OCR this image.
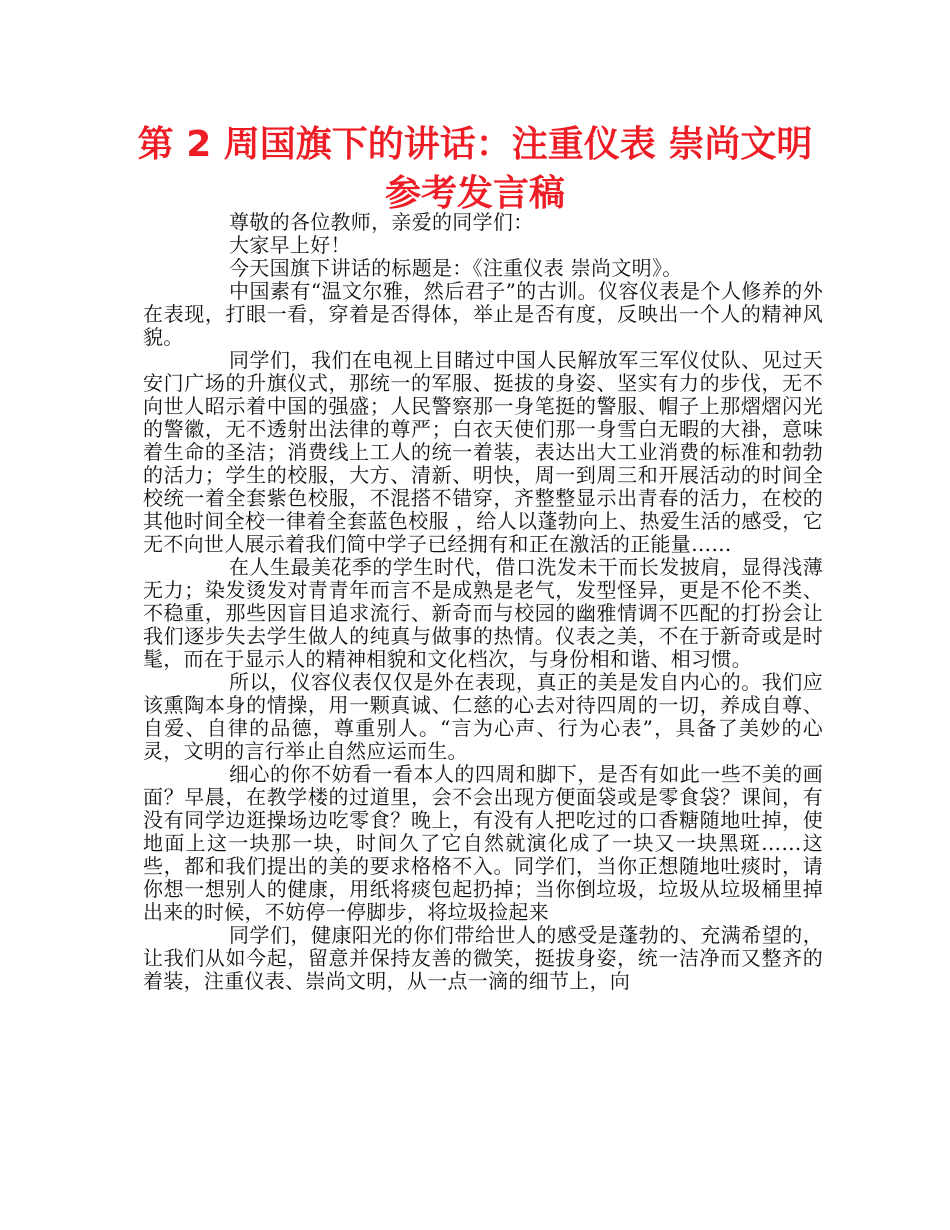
第 2 周国旗下的讲话：注重仪表 崇尚文明
参考发言稿

尊敬的各位教师，亲爱的同学们：

大家早上好！

今天国旗下讲话的标题是：《注重仪表 崇尚文明》。

中国素有“温文尔雅，然后君子”的古训。仪容仪表是个人修养的外在表现，打眼一看，穿着是否得体，举止是否有度，反映出一个人的精神风貌。

同学们，我们在电视上目睹过中国人民解放军三军仪仗队、见过天安门广场的升旗仪式，那统一的军服、挺拔的身姿、坚实有力的步伐，无不向世人昭示着中国的强盛；人民警察那一身笔挺的警服、帽子上那熠熠闪光的警徽，无不透射出法律的尊严；白衣天使们那一身雪白无暇的大褂，意味着生命的圣洁；消费线上工人的统一着装，表达出大工业消费的标准和勃勃的活力；学生的校服，大方、清新、明快，周一到周三和开展活动的时间全校统一着全套紫色校服，不混搭不错穿，齐整整显示出青春的活力，在校的其他时间全校一律着全套蓝色校服 ，给人以蓬勃向上、热爱生活的感受，它无不向世人展示着我们简中学子已经拥有和正在激活的正能量……

在人生最美花季的学生时代，借口洗发未干而长发披肩，显得浅薄无力；染发烫发对青青年而言不是成熟是老气，发型怪异，更是不伦不类、不稳重，那些因盲目追求流行、新奇而与校园的幽雅情调不匹配的打扮会让我们逐步失去学生做人的纯真与做事的热情。仪表之美，不在于新奇或是时髦，而在于显示人的精神相貌和文化档次，与身份相和谐、相习惯。

所以，仪容仪表仅仅是外在表现，真正的美是发自内心的。我们应该熏陶本身的情操，用一颗真诚、仁慈的心去对待四周的一切，养成自尊、自爱、自律的品德，尊重别人。“言为心声、行为心表”，具备了美妙的心灵，文明的言行举止自然应运而生。

细心的你不妨看一看本人的四周和脚下，是否有如此一些不美的画面？早晨，在教学楼的过道里，会不会出现方便面袋或是零食袋？课间，有没有同学边逛操场边吃零食？晚上，有没有人把吃过的口香糖随地吐掉，使地面上这一块那一块，时间久了它自然就演化成了一块又一块黑斑……这些，都和我们提出的美的要求格格不入。同学们，当你正想随地吐痰时，请你想一想别人的健康，用纸将痰包起扔掉；当你倒垃圾，垃圾从垃圾桶里掉出来的时候，不妨停一停脚步，将垃圾捡起来

同学们，健康阳光的你们带给世人的感受是蓬勃的、充满希望的，让我们从如今起，留意并保持友善的微笑，挺拔身姿，统一洁净而又整齐的着装，注重仪表、崇尚文明，从一点一滴的细节上，向
